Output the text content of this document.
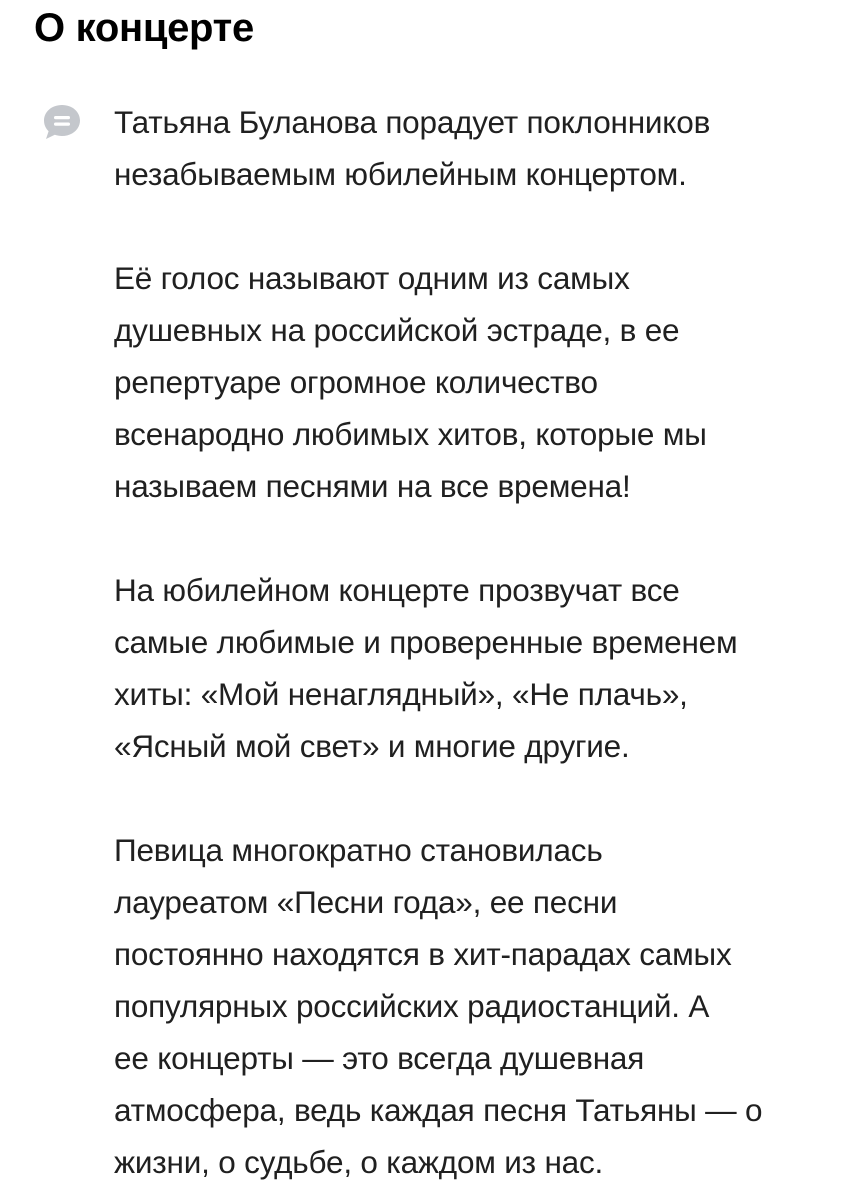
О концерте

Татьяна Буланова порадует поклонников
незабываемым юбилейным концертом.

Её голос называют одним из самых
душевных на российской эстраде, в ее
репертуаре огромное количество
всенародно любимых хитов, которые мы
называем песнями на все времена!

На юбилейном концерте прозвучат все
самые любимые и проверенные временем
хиты: «Мой ненаглядный», «Не плачь»,
«Ясный мой свет» и многие другие.

Певица многократно становилась
лауреатом «Песни года», ее песни
постоянно находятся в хит-парадах самых
популярных российских радиостанций. А
ее концерты — это всегда душевная
атмосфера, ведь каждая песня Татьяны — о
жизни, о судьбе, о каждом из нас.
